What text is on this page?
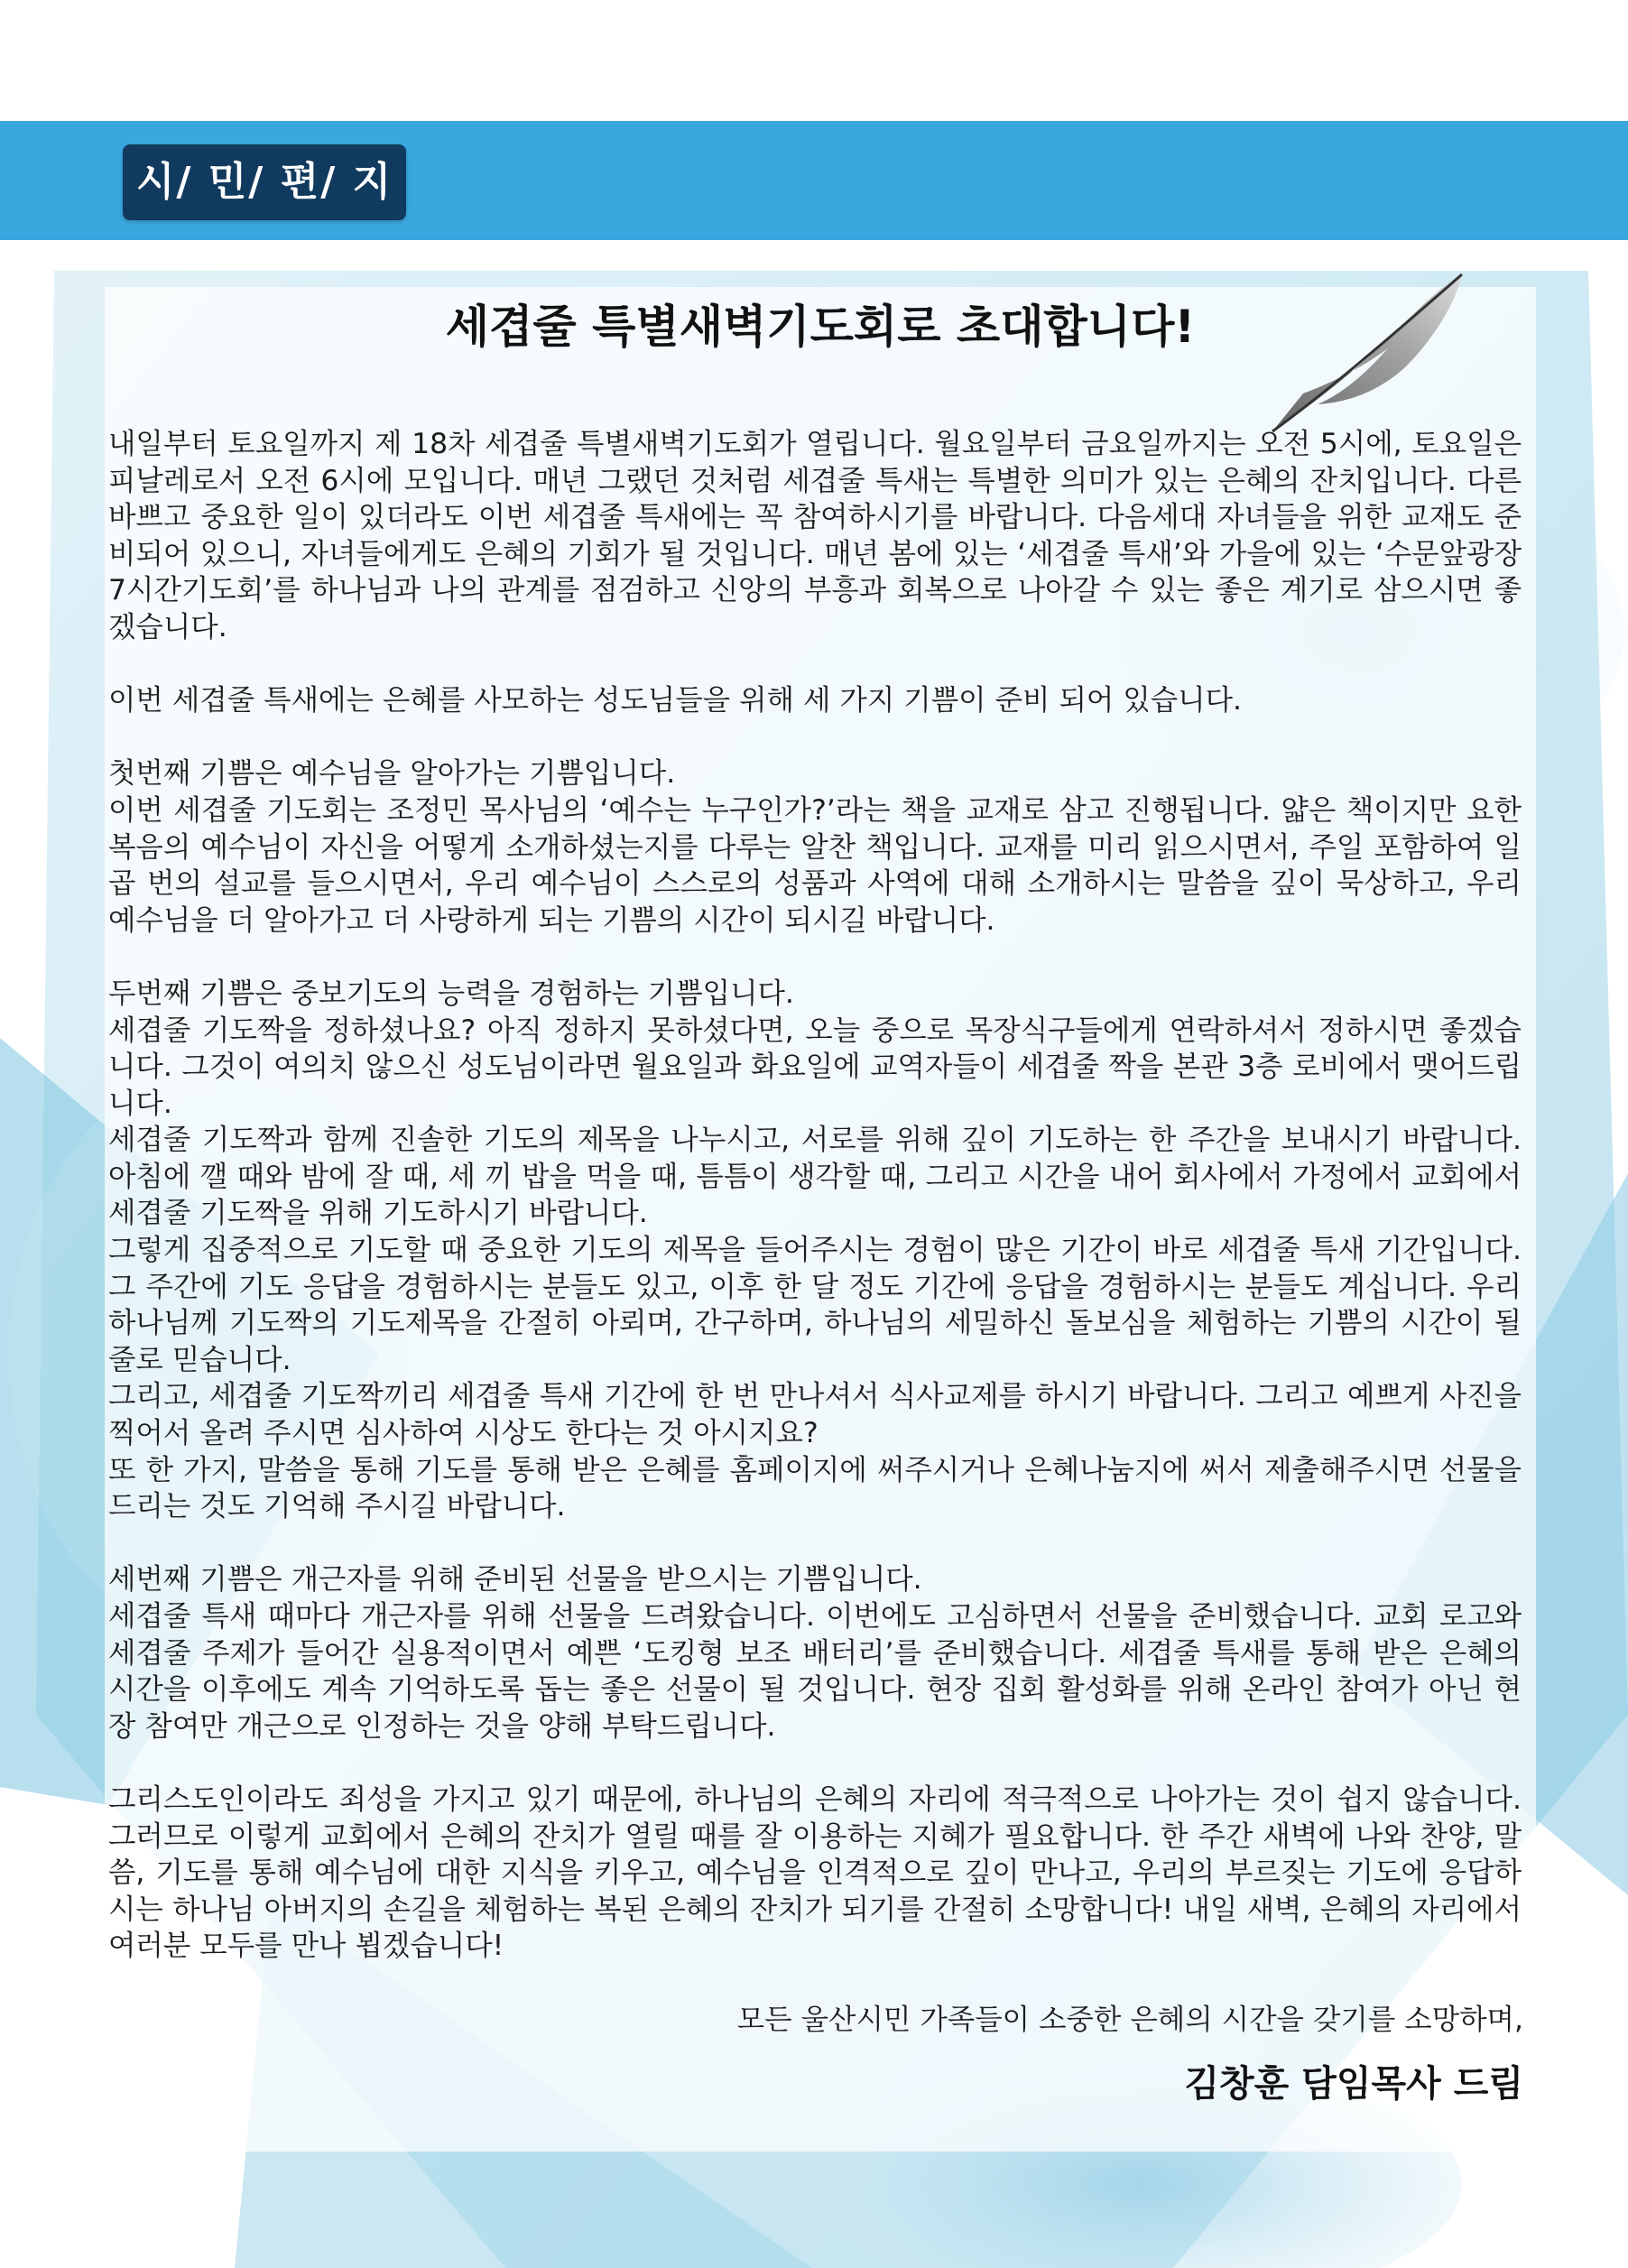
시/ 민/ 편/ 지
세겹줄 특별새벽기도회로 초대합니다!

내일부터 토요일까지 제 18차 세겹줄 특별새벽기도회가 열립니다. 월요일부터 금요일까지는 오전 5시에, 토요일은 피날레로서 오전 6시에 모입니다. 매년 그랬던 것처럼 세겹줄 특새는 특별한 의미가 있는 은혜의 잔치입니다. 다른 바쁘고 중요한 일이 있더라도 이번 세겹줄 특새에는 꼭 참여하시기를 바랍니다. 다음세대 자녀들을 위한 교재도 준비되어 있으니, 자녀들에게도 은혜의 기회가 될 것입니다. 매년 봄에 있는 ‘세겹줄 특새’와 가을에 있는 ‘수문앞광장 7시간기도회’를 하나님과 나의 관계를 점검하고 신앙의 부흥과 회복으로 나아갈 수 있는 좋은 계기로 삼으시면 좋겠습니다.

이번 세겹줄 특새에는 은혜를 사모하는 성도님들을 위해 세 가지 기쁨이 준비 되어 있습니다.

첫번째 기쁨은 예수님을 알아가는 기쁨입니다.

이번 세겹줄 기도회는 조정민 목사님의 ‘예수는 누구인가?’라는 책을 교재로 삼고 진행됩니다. 얇은 책이지만 요한복음의 예수님이 자신을 어떻게 소개하셨는지를 다루는 알찬 책입니다. 교재를 미리 읽으시면서, 주일 포함하여 일곱 번의 설교를 들으시면서, 우리 예수님이 스스로의 성품과 사역에 대해 소개하시는 말씀을 깊이 묵상하고, 우리 예수님을 더 알아가고 더 사랑하게 되는 기쁨의 시간이 되시길 바랍니다.

두번째 기쁨은 중보기도의 능력을 경험하는 기쁨입니다.

세겹줄 기도짝을 정하셨나요? 아직 정하지 못하셨다면, 오늘 중으로 목장식구들에게 연락하셔서 정하시면 좋겠습니다. 그것이 여의치 않으신 성도님이라면 월요일과 화요일에 교역자들이 세겹줄 짝을 본관 3층 로비에서 맺어드립니다.

세겹줄 기도짝과 함께 진솔한 기도의 제목을 나누시고, 서로를 위해 깊이 기도하는 한 주간을 보내시기 바랍니다. 아침에 깰 때와 밤에 잘 때, 세 끼 밥을 먹을 때, 틈틈이 생각할 때, 그리고 시간을 내어 회사에서 가정에서 교회에서 세겹줄 기도짝을 위해 기도하시기 바랍니다.

그렇게 집중적으로 기도할 때 중요한 기도의 제목을 들어주시는 경험이 많은 기간이 바로 세겹줄 특새 기간입니다. 그 주간에 기도 응답을 경험하시는 분들도 있고, 이후 한 달 정도 기간에 응답을 경험하시는 분들도 계십니다. 우리 하나님께 기도짝의 기도제목을 간절히 아뢰며, 간구하며, 하나님의 세밀하신 돌보심을 체험하는 기쁨의 시간이 될 줄로 믿습니다.

그리고, 세겹줄 기도짝끼리 세겹줄 특새 기간에 한 번 만나셔서 식사교제를 하시기 바랍니다. 그리고 예쁘게 사진을 찍어서 올려 주시면 심사하여 시상도 한다는 것 아시지요?

또 한 가지, 말씀을 통해 기도를 통해 받은 은혜를 홈페이지에 써주시거나 은혜나눔지에 써서 제출해주시면 선물을 드리는 것도 기억해 주시길 바랍니다.

세번째 기쁨은 개근자를 위해 준비된 선물을 받으시는 기쁨입니다.

세겹줄 특새 때마다 개근자를 위해 선물을 드려왔습니다. 이번에도 고심하면서 선물을 준비했습니다. 교회 로고와 세겹줄 주제가 들어간 실용적이면서 예쁜 ‘도킹형 보조 배터리’를 준비했습니다. 세겹줄 특새를 통해 받은 은혜의 시간을 이후에도 계속 기억하도록 돕는 좋은 선물이 될 것입니다. 현장 집회 활성화를 위해 온라인 참여가 아닌 현장 참여만 개근으로 인정하는 것을 양해 부탁드립니다.

그리스도인이라도 죄성을 가지고 있기 때문에, 하나님의 은혜의 자리에 적극적으로 나아가는 것이 쉽지 않습니다. 그러므로 이렇게 교회에서 은혜의 잔치가 열릴 때를 잘 이용하는 지혜가 필요합니다. 한 주간 새벽에 나와 찬양, 말씀, 기도를 통해 예수님에 대한 지식을 키우고, 예수님을 인격적으로 깊이 만나고, 우리의 부르짖는 기도에 응답하시는 하나님 아버지의 손길을 체험하는 복된 은혜의 잔치가 되기를 간절히 소망합니다! 내일 새벽, 은혜의 자리에서 여러분 모두를 만나 뵙겠습니다!

모든 울산시민 가족들이 소중한 은혜의 시간을 갖기를 소망하며,

김창훈 담임목사 드림
